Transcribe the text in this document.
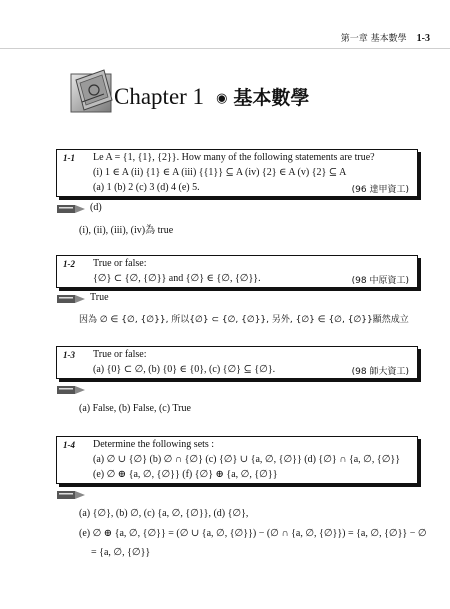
第一章 基本數學 1-3
Chapter 1 ◉ 基本數學
1-1 Le A = {1, {1}, {2}}. How many of the following statements are true?
(i) 1 ∈ A (ii) {1} ∈ A (iii) {{1}} ⊆ A (iv) {2} ∈ A (v) {2} ⊆ A
(a) 1 (b) 2 (c) 3 (d) 4 (e) 5.	(96 達甲資工)
(d)
(i), (ii), (iii), (iv)為 true
1-2 True or false:
{∅} ⊂ {∅, {∅}} and {∅} ∈ {∅, {∅}}.	(98 中原資工)
True
因為 ∅ ∈ {∅, {∅}}, 所以{∅} ⊂ {∅, {∅}}, 另外, {∅} ∈ {∅, {∅}}顯然成立
1-3 True or false:
(a) {0} ⊂ ∅, (b) {0} ∈ {0}, (c) {∅} ⊆ {∅}.	(98 師大資工)
(a) False, (b) False, (c) True
1-4 Determine the following sets :
(a) ∅ ∪ {∅} (b) ∅ ∩ {∅} (c) {∅} ∪ {a, ∅, {∅}} (d) {∅} ∩ {a, ∅, {∅}}
(e) ∅ ⊕ {a, ∅, {∅}} (f) {∅} ⊕ {a, ∅, {∅}}
(a) {∅}, (b) ∅, (c) {a, ∅, {∅}}, (d) {∅},
(e) ∅ ⊕ {a, ∅, {∅}} = (∅ ∪ {a, ∅, {∅}}) − (∅ ∩ {a, ∅, {∅}}) = {a, ∅, {∅}} − ∅
= {a, ∅, {∅}}
